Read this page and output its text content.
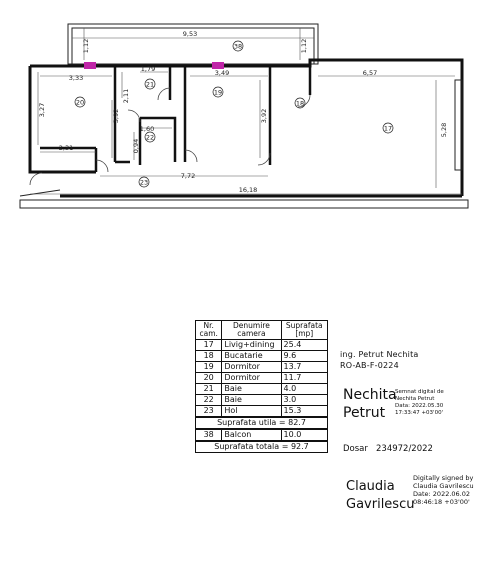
9,53
1,12	1,12
3,33
1,79	3,49	6,57
3,27
2,11
3,92	3,92
5,28
1,60
0,94
2,31
7,72
16,18
38
20
21
22
19
18
17
23
Nr. cam.	Denumire camera	Suprafata [mp]
17	Livig+dining	25.4
18	Bucatarie	9.6
19	Dormitor	13.7
20	Dormitor	11.7
21	Baie	4.0
22	Baie	3.0
23	Hol	15.3
Suprafata utila = 82.7		
38	Balcon	10.0
Suprafata totala = 92.7		
ing. Petrut Nechita
RO-AB-F-0224
Nechita
Petrut
Semnat digital de
Nechita Petrut
Data: 2022.05.30
17:33:47 +03'00'
Dosar 234972/2022
Claudia
Gavrilescu
Digitally signed by
Claudia Gavrilescu
Date: 2022.06.02
08:46:18 +03'00'
